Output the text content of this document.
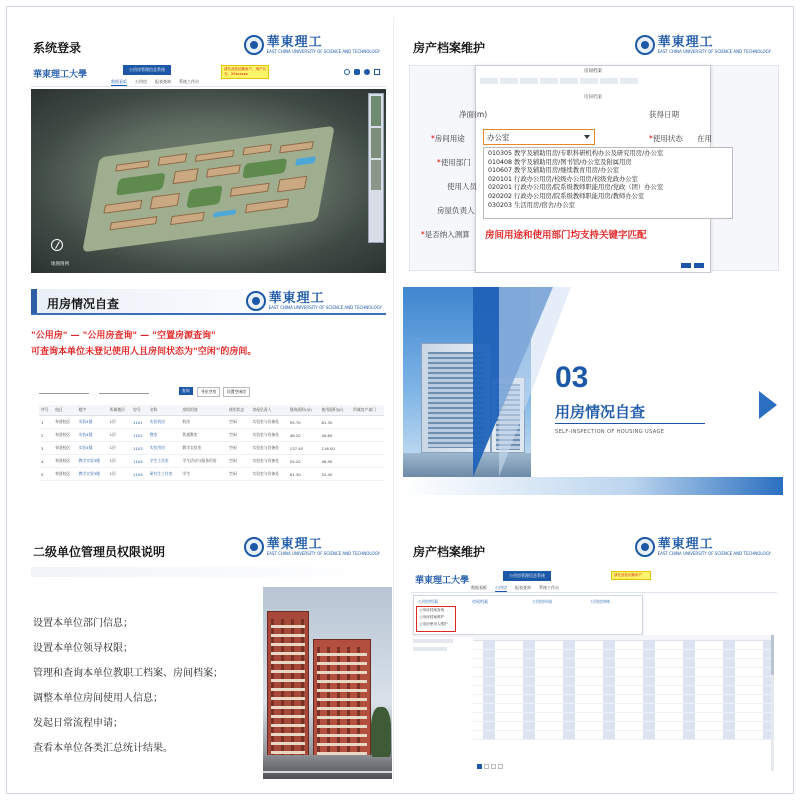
系统登录	華東理工
EAST CHINA UNIVERSITY OF SCIENCE AND TECHNOLOGY
華東理工大學
公用房管理信息系统	请在此处切换用户，用户名为：20xxxxxx
数据看板 公用房 报表查询 系统工作台
地图图例
房产档案维护	華東理工
EAST CHINA UNIVERSITY OF SCIENCE AND TECHNOLOGY
房间档案
房间档案
净面(m)	获得日期
*房间用途	办公室	*使用状态 在用
*使用部门
使用人员
房屋负责人
*是否纳入测算
010305 教学及辅助用房/专职科研机构办公及研究用房/办公室
010408 教学及辅助用房/图书馆/办公室及附属用房
010607 教学及辅助用房/继续教育用房/办公室
020101 行政办公用房/校级办公用房/校级党政办公室
020201 行政办公用房/院系级教师职能用房/党政（团）办公室
020202 行政办公用房/院系级教师职能用房/教师办公室
030203 生活用房/宿舍/办公室
房间用途和使用部门均支持关键字匹配
用房情况自查	華東理工
EAST CHINA UNIVERSITY OF SCIENCE AND TECHNOLOGY
"公用房" — "公用房查询" — "空置房源查询"
可查询本单位未登记使用人且房间状态为"空闲"的房间。
查询	导出空房	设置空闲房
序号	校区	楼宇	所属楼层	房号	名称	房间用途	使用状态	房屋负责人	建筑面积(㎡)	使用面积(㎡)	所属房产部门
1	奉贤校区	实验4楼	1层	1101	实验机房	机房	空闲	实验室与设备处	95.70	81.30	
2	奉贤校区	实验4楼	1层	1102	教室	普通教室	空闲	实验室与设备处	48.20	40.60	
3	奉贤校区	实验4楼	1层	1103	实验用房	教学实验室	空闲	实验室与设备处	137.40	116.00	
4	奉贤校区	教学实验3楼	1层	1104	学生工作室	学生活动与服务用房	空闲	实验室与设备处	55.20	46.90	
5	奉贤校区	教学实验3楼	1层	1105	研究生工作室	学生	空闲	实验室与设备处	61.30	52.40	
03
用房情况自查
SELF-INSPECTION OF HOUSING USAGE
二级单位管理员权限说明
華東理工
EAST CHINA UNIVERSITY OF SCIENCE AND TECHNOLOGY
设置本单位部门信息；
设置本单位领导权限；
管理和查询本单位教职工档案、房间档案；
调整本单位房间使用人信息；
发起日常流程申请；
查看本单位各类汇总统计结果。
房产档案维护
華東理工
EAST CHINA UNIVERSITY OF SCIENCE AND TECHNOLOGY
華東理工大學
公用房管理信息系统	请在此处切换用户
数据看板 公用房 报表查询 系统工作台
公用房档案	房屋档案	公用房申请	公用房审核
公用房档案查询
公用房档案维护
公用房使用人维护
